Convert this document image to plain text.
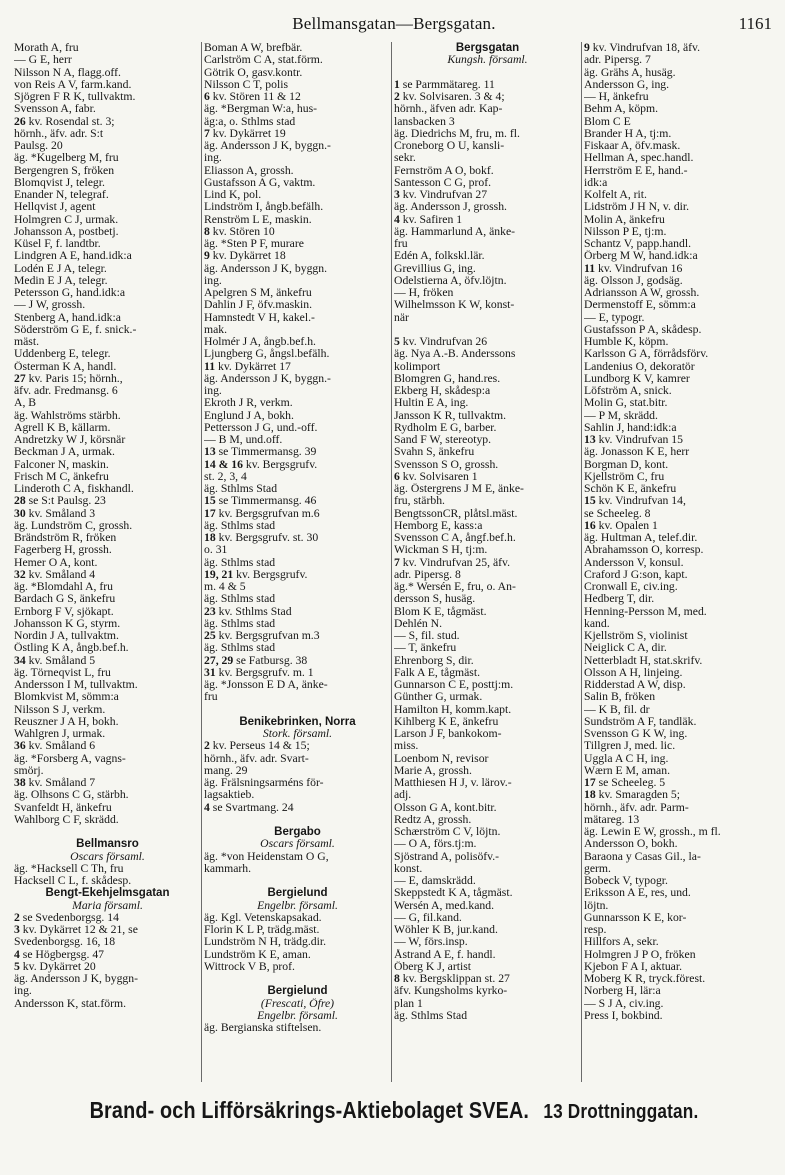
Bellmansgatan—Bergsgatan.	1161
Morath A, fru
— G E, herr
Nilsson N A, flagg.off.
von Reis A V, farm.kand.
Sjögren F R K, tullvaktm.
Svensson A, fabr.
26 kv. Rosendal st. 3;
hörnh., äfv. adr. S:t
Paulsg. 20
äg. *Kugelberg M, fru
Bergengren S, fröken
Blomqvist J, telegr.
Enander N, telegraf.
Hellqvist J, agent
Holmgren C J, urmak.
Johansson A, postbetj.
Küsel F, f. landtbr.
Lindgren A E, hand.idk:a
Lodén E J A, telegr.
Medin E J A, telegr.
Petersson G, hand.idk:a
— J W, grossh.
Stenberg A, hand.idk:a
Söderström G E, f. snick.-
mäst.
Uddenberg E, telegr.
Österman K A, handl.
27 kv. Paris 15; hörnh.,
äfv. adr. Fredmansg. 6
A, B
äg. Wahlströms stärbh.
Agrell K B, källarm.
Andretzky W J, körsnär
Beckman J A, urmak.
Falconer N, maskin.
Frisch M C, änkefru
Linderoth C A, fiskhandl.
28 se S:t Paulsg. 23
30 kv. Småland 3
äg. Lundström C, grossh.
Brändström R, fröken
Fagerberg H, grossh.
Hemer O A, kont.
32 kv. Småland 4
äg. *Blomdahl A, fru
Bardach G S, änkefru
Ernborg F V, sjökapt.
Johansson K G, styrm.
Nordin J A, tullvaktm.
Östling K A, ångb.bef.h.
34 kv. Småland 5
äg. Törneqvist L, fru
Andersson I M, tullvaktm.
Blomkvist M, sömm:a
Nilsson S J, verkm.
Reuszner J A H, bokh.
Wahlgren J, urmak.
36 kv. Småland 6
äg. *Forsberg A, vagns-
smörj.
38 kv. Småland 7
äg. Olhsons C G, stärbh.
Svanfeldt H, änkefru
Wahlborg C F, skrädd.
Bellmansro
Oscars församl.
äg. *Hacksell C Th, fru
Hacksell C L, f. skådesp.
Bengt-Ekehjelmsgatan
Maria församl.
2 se Svedenborgsg. 14
3 kv. Dykärret 12 & 21, se
Svedenborgsg. 16, 18
4 se Högbergsg. 47
5 kv. Dykärret 20
äg. Andersson J K, byggn-
ing.
Andersson K, stat.förm.
Boman A W, brefbär.
Carlström C A, stat.förm.
Götrik O, gasv.kontr.
Nilsson C T, polis
6 kv. Stören 11 & 12
äg. *Bergman W:a, hus-
äg:a, o. Sthlms stad
7 kv. Dykärret 19
äg. Andersson J K, byggn.-
ing.
Eliasson A, grossh.
Gustafsson A G, vaktm.
Lind K, pol.
Lindström I, ångb.befälh.
Renström L E, maskin.
8 kv. Stören 10
äg. *Sten P F, murare
9 kv. Dykärret 18
äg. Andersson J K, byggn.
ing.
Apelgren S M, änkefru
Dahlin J F, öfv.maskin.
Hamnstedt V H, kakel.-
mak.
Holmér J A, ångb.bef.h.
Ljungberg G, ångsl.befälh.
11 kv. Dykärret 17
äg. Andersson J K, byggn.-
ing.
Ekroth J R, verkm.
Englund J A, bokh.
Pettersson J G, und.-off.
— B M, und.off.
13 se Timmermansg. 39
14 & 16 kv. Bergsgrufv.
st. 2, 3, 4
äg. Sthlms Stad
15 se Timmermansg. 46
17 kv. Bergsgrufvan m.6
äg. Sthlms stad
18 kv. Bergsgrufv. st. 30
o. 31
äg. Sthlms stad
19, 21 kv. Bergsgrufv.
m. 4 & 5
äg. Sthlms stad
23 kv. Sthlms Stad
äg. Sthlms stad
25 kv. Bergsgrufvan m.3
äg. Sthlms stad
27, 29 se Fatbursg. 38
31 kv. Bergsgrufv. m. 1
äg. *Jonsson E D A, änke-
fru
Benikebrinken, Norra
Stork. församl.
2 kv. Perseus 14 & 15;
hörnh., äfv. adr. Svart-
mang. 29
äg. Frälsningsarméns för-
lagsaktieb.
4 se Svartmang. 24
Bergabo
Oscars församl.
äg. *von Heidenstam O G,
kammarh.
Bergielund
Engelbr. församl.
äg. Kgl. Vetenskapsakad.
Florin K L P, trädg.mäst.
Lundström N H, trädg.dir.
Lundström K E, aman.
Wittrock V B, prof.
Bergielund
(Frescati, Öfre)
Engelbr. församl.
äg. Bergianska stiftelsen.
Bergsgatan
Kungsh. församl.
1 se Parmmätareg. 11
2 kv. Solvisaren. 3 & 4;
hörnh., äfven adr. Kap-
lansbacken 3
äg. Diedrichs M, fru, m. fl.
Croneborg O U, kansli-
sekr.
Fernström A O, bokf.
Santesson C G, prof.
3 kv. Vindrufvan 27
äg. Andersson J, grossh.
4 kv. Safiren 1
äg. Hammarlund A, änke-
fru
Edén A, folkskl.lär.
Grevillius G, ing.
Odelstierna A, öfv.löjtn.
— H, fröken
Wilhelmsson K W, konst-
när
5 kv. Vindrufvan 26
äg. Nya A.-B. Anderssons
kolimport
Blomgren G, hand.res.
Ekberg H, skådesp:a
Hultin E A, ing.
Jansson K R, tullvaktm.
Rydholm E G, barber.
Sand F W, stereotyp.
Svahn S, änkefru
Svensson S O, grossh.
6 kv. Solvisaren 1
äg. Östergrens J M E, änke-
fru, stärbh.
BengtssonCR, plåtsl.mäst.
Hemborg E, kass:a
Svensson C A, ångf.bef.h.
Wickman S H, tj:m.
7 kv. Vindrufvan 25, äfv.
adr. Pipersg. 8
äg.* Wersén E, fru, o. An-
dersson S, husäg.
Blom K E, tågmäst.
Dehlén N.
— S, fil. stud.
— T, änkefru
Ehrenborg S, dir.
Falk A E, tågmäst.
Gunnarson C E, posttj:m.
Günther G, urmak.
Hamilton H, komm.kapt.
Kihlberg K E, änkefru
Larson J F, bankokom-
miss.
Loenbom N, revisor
Marie A, grossh.
Matthiesen H J, v. lärov.-
adj.
Olsson G A, kont.bitr.
Redtz A, grossh.
Schærström C V, löjtn.
— O A, förs.tj:m.
Sjöstrand A, polisöfv.-
konst.
— E, damskrädd.
Skeppstedt K A, tågmäst.
Wersén A, med.kand.
— G, fil.kand.
Wöhler K B, jur.kand.
— W, förs.insp.
Åstrand A E, f. handl.
Öberg K J, artist
8 kv. Bergsklippan st. 27
äfv. Kungsholms kyrko-
plan 1
äg. Sthlms Stad
9 kv. Vindrufvan 18, äfv.
adr. Pipersg. 7
äg. Grähs A, husäg.
Andersson G, ing.
— H, änkefru
Behm A, köpm.
Blom C E
Brander H A, tj:m.
Fiskaar A, öfv.mask.
Hellman A, spec.handl.
Herrström E E, hand.-
idk:a
Kolfelt A, rit.
Lidström J H N, v. dir.
Molin A, änkefru
Nilsson P E, tj:m.
Schantz V, papp.handl.
Örberg M W, hand.idk:a
11 kv. Vindrufvan 16
äg. Olsson J, godsäg.
Adriansson A W, grossh.
Dermenstoff E, sömm:a
— E, typogr.
Gustafsson P A, skådesp.
Humble K, köpm.
Karlsson G A, förrådsförv.
Landenius O, dekoratör
Lundborg K V, kamrer
Löfström A, snick.
Molin G, stat.bitr.
— P M, skrädd.
Sahlin J, hand:idk:a
13 kv. Vindrufvan 15
äg. Jonasson K E, herr
Borgman D, kont.
Kjellström C, fru
Schön K E, änkefru
15 kv. Vindrufvan 14,
se Scheeleg. 8
16 kv. Opalen 1
äg. Hultman A, telef.dir.
Abrahamsson O, korresp.
Andersson V, konsul.
Craford J G:son, kapt.
Cronwall E, civ.ing.
Hedberg T, dir.
Henning-Persson M, med.
kand.
Kjellström S, violinist
Neiglick C A, dir.
Netterbladt H, stat.skrifv.
Olsson A H, linjeing.
Ridderstad A W, disp.
Salin B, fröken
— K B, fil. dr
Sundström A F, tandläk.
Svensson G K W, ing.
Tillgren J, med. lic.
Uggla A C H, ing.
Wærn E M, aman.
17 se Scheeleg. 5
18 kv. Smaragden 5;
hörnh., äfv. adr. Parm-
mätareg. 13
äg. Lewin E W, grossh., m fl.
Andersson O, bokh.
Baraona y Casas Gil., la-
germ.
Bobeck V, typogr.
Eriksson A E, res, und.
löjtn.
Gunnarsson K E, kor-
resp.
Hillfors A, sekr.
Holmgren J P O, fröken
Kjebon F A I, aktuar.
Moberg K R, tryck.förest.
Norberg H, lär:a
— S J A, civ.ing.
Press I, bokbind.
Brand- och Lifförsäkrings-Aktiebolaget SVEA. 13 Drottninggatan.
